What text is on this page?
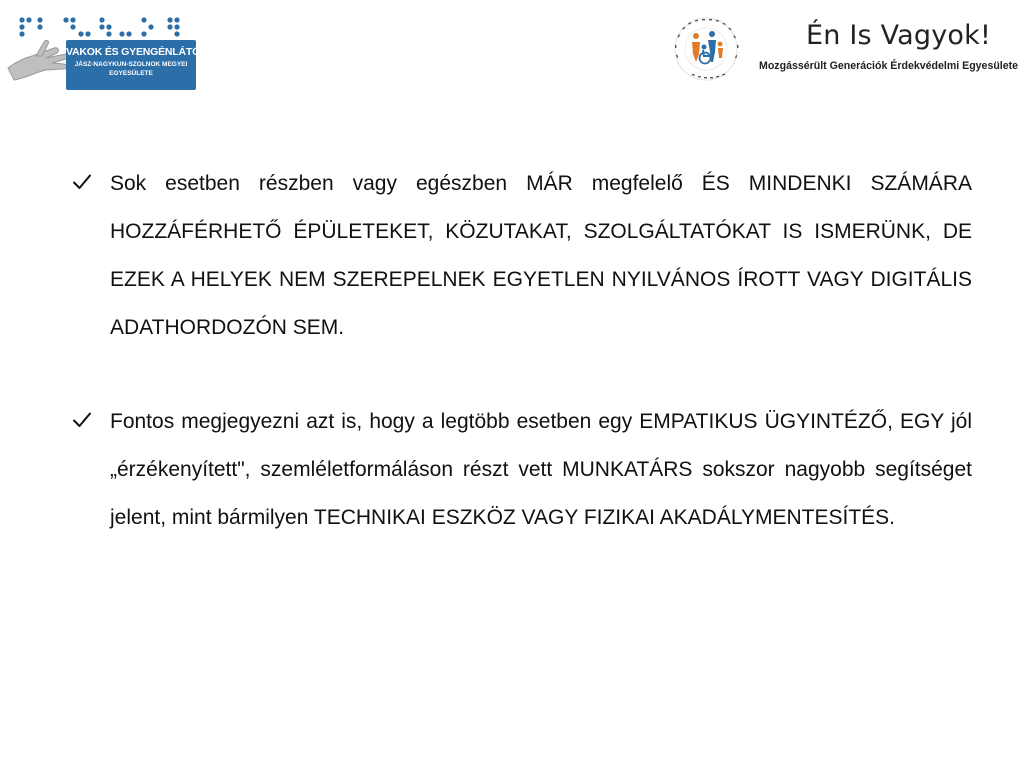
VAKOK ÉS GYENGÉNLÁTÓK
JÁSZ-NAGYKUN-SZOLNOK MEGYEI
EGYESÜLETE
Én Is Vagyok!
Mozgássérült Generációk Érdekvédelmi Egyesülete

Sok esetben részben vagy egészben MÁR megfelelő ÉS MINDENKI SZÁMÁRA HOZZÁFÉRHETŐ ÉPÜLETEKET, KÖZUTAKAT, SZOLGÁLTATÓKAT IS ISMERÜNK, DE EZEK A HELYEK NEM SZEREPELNEK EGYETLEN NYILVÁNOS ÍROTT VAGY DIGITÁLIS ADATHORDOZÓN SEM.

Fontos megjegyezni azt is, hogy a legtöbb esetben egy EMPATIKUS ÜGYINTÉZŐ, EGY jól „érzékenyített", szemléletformáláson részt vett MUNKATÁRS sokszor nagyobb segítséget jelent, mint bármilyen TECHNIKAI ESZKÖZ VAGY FIZIKAI AKADÁLYMENTESÍTÉS.
